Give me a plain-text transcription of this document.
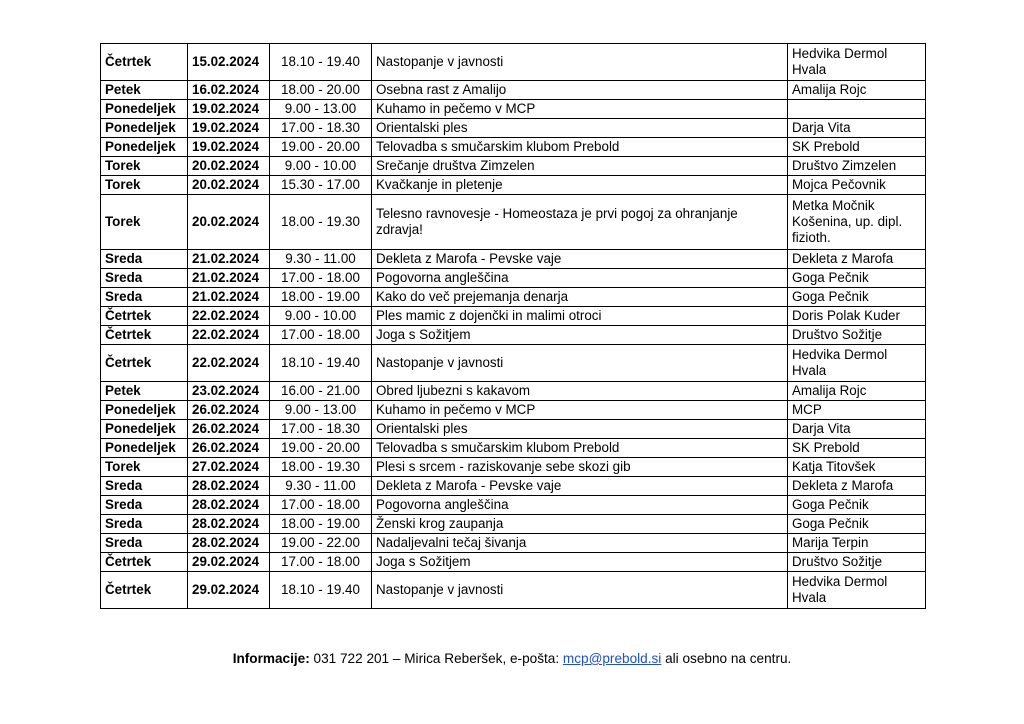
Četrtek	15.02.2024	18.10 - 19.40	Nastopanje v javnosti	Hedvika Dermol Hvala
Petek	16.02.2024	18.00 - 20.00	Osebna rast z Amalijo	Amalija Rojc
Ponedeljek	19.02.2024	9.00 - 13.00	Kuhamo in pečemo v MCP	
Ponedeljek	19.02.2024	17.00 - 18.30	Orientalski ples	Darja Vita
Ponedeljek	19.02.2024	19.00 - 20.00	Telovadba s smučarskim klubom Prebold	SK Prebold
Torek	20.02.2024	9.00 - 10.00	Srečanje društva Zimzelen	Društvo Zimzelen
Torek	20.02.2024	15.30 - 17.00	Kvačkanje in pletenje	Mojca Pečovnik
Torek	20.02.2024	18.00 - 19.30	Telesno ravnovesje - Homeostaza je prvi pogoj za ohranjanje zdravja!	Metka Močnik Košenina, up. dipl. fizioth.
Sreda	21.02.2024	9.30 - 11.00	Dekleta z Marofa - Pevske vaje	Dekleta z Marofa
Sreda	21.02.2024	17.00 - 18.00	Pogovorna angleščina	Goga Pečnik
Sreda	21.02.2024	18.00 - 19.00	Kako do več prejemanja denarja	Goga Pečnik
Četrtek	22.02.2024	9.00 - 10.00	Ples mamic z dojenčki in malimi otroci	Doris Polak Kuder
Četrtek	22.02.2024	17.00 - 18.00	Joga s Sožitjem	Društvo Sožitje
Četrtek	22.02.2024	18.10 - 19.40	Nastopanje v javnosti	Hedvika Dermol Hvala
Petek	23.02.2024	16.00 - 21.00	Obred ljubezni s kakavom	Amalija Rojc
Ponedeljek	26.02.2024	9.00 - 13.00	Kuhamo in pečemo v MCP	MCP
Ponedeljek	26.02.2024	17.00 - 18.30	Orientalski ples	Darja Vita
Ponedeljek	26.02.2024	19.00 - 20.00	Telovadba s smučarskim klubom Prebold	SK Prebold
Torek	27.02.2024	18.00 - 19.30	Plesi s srcem - raziskovanje sebe skozi gib	Katja Titovšek
Sreda	28.02.2024	9.30 - 11.00	Dekleta z Marofa - Pevske vaje	Dekleta z Marofa
Sreda	28.02.2024	17.00 - 18.00	Pogovorna angleščina	Goga Pečnik
Sreda	28.02.2024	18.00 - 19.00	Ženski krog zaupanja	Goga Pečnik
Sreda	28.02.2024	19.00 - 22.00	Nadaljevalni tečaj šivanja	Marija Terpin
Četrtek	29.02.2024	17.00 - 18.00	Joga s Sožitjem	Društvo Sožitje
Četrtek	29.02.2024	18.10 - 19.40	Nastopanje v javnosti	Hedvika Dermol Hvala
Informacije: 031 722 201 – Mirica Reberšek, e-pošta: mcp@prebold.si ali osebno na centru.
